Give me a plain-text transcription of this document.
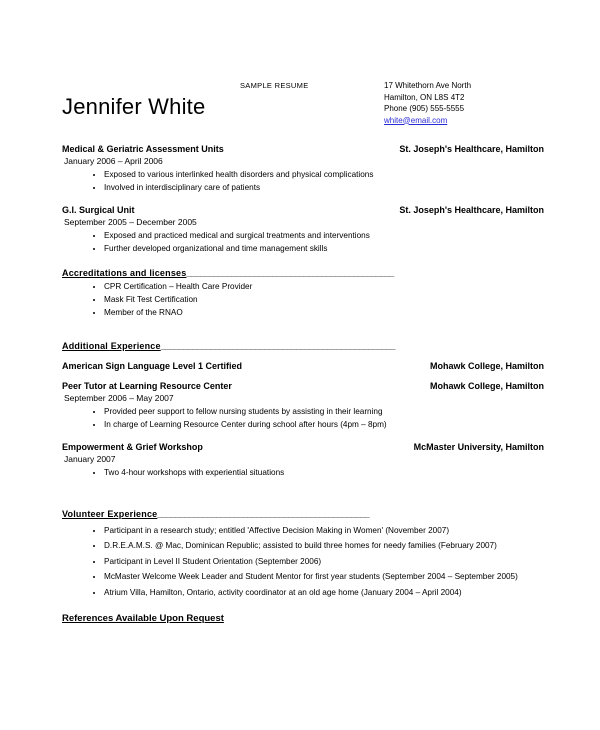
SAMPLE RESUME	17 Whitethorn Ave North
Hamilton, ON L8S 4T2
Phone (905) 555-5555
white@email.com
Jennifer White
Medical & Geriatric Assessment Units	St. Joseph's Healthcare, Hamilton
January 2006 – April 2006
• Exposed to various interlinked health disorders and physical complications
• Involved in interdisciplinary care of patients
G.I. Surgical Unit	St. Joseph's Healthcare, Hamilton
September 2005 – December 2005
• Exposed and practiced medical and surgical treatments and interventions
• Further developed organizational and time management skills
Accreditations and licenses______________________________________________
• CPR Certification – Health Care Provider
• Mask Fit Test Certification
• Member of the RNAO
Additional Experience____________________________________________________
American Sign Language Level 1 Certified	Mohawk College, Hamilton
Peer Tutor at Learning Resource Center	Mohawk College, Hamilton
September 2006 – May 2007
• Provided peer support to fellow nursing students by assisting in their learning
• In charge of Learning Resource Center during school after hours (4pm – 8pm)
Empowerment & Grief Workshop	McMaster University, Hamilton
January 2007
• Two 4-hour workshops with experiential situations
Volunteer Experience_______________________________________________
• Participant in a research study; entitled 'Affective Decision Making in Women' (November 2007)
• D.R.E.A.M.S. @ Mac, Dominican Republic; assisted to build three homes for needy families (February 2007)
• Participant in Level II Student Orientation (September 2006)
• McMaster Welcome Week Leader and Student Mentor for first year students (September 2004 – September 2005)
• Atrium Villa, Hamilton, Ontario, activity coordinator at an old age home (January 2004 – April 2004)
References Available Upon Request
